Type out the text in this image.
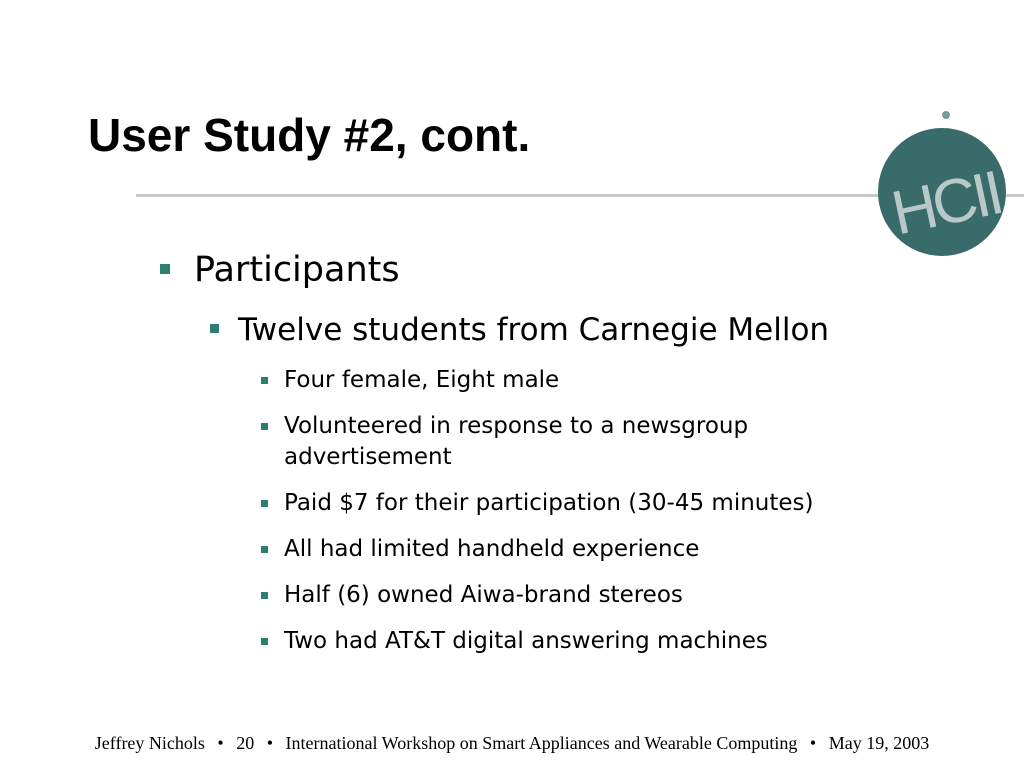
User Study #2, cont.
HCII

Participants

Twelve students from Carnegie Mellon

Four female, Eight male

Volunteered in response to a newsgroup advertisement

Paid $7 for their participation (30-45 minutes)

All had limited handheld experience

Half (6) owned Aiwa-brand stereos

Two had AT&T digital answering machines

Jeffrey Nichols • 20 • International Workshop on Smart Appliances and Wearable Computing • May 19, 2003
